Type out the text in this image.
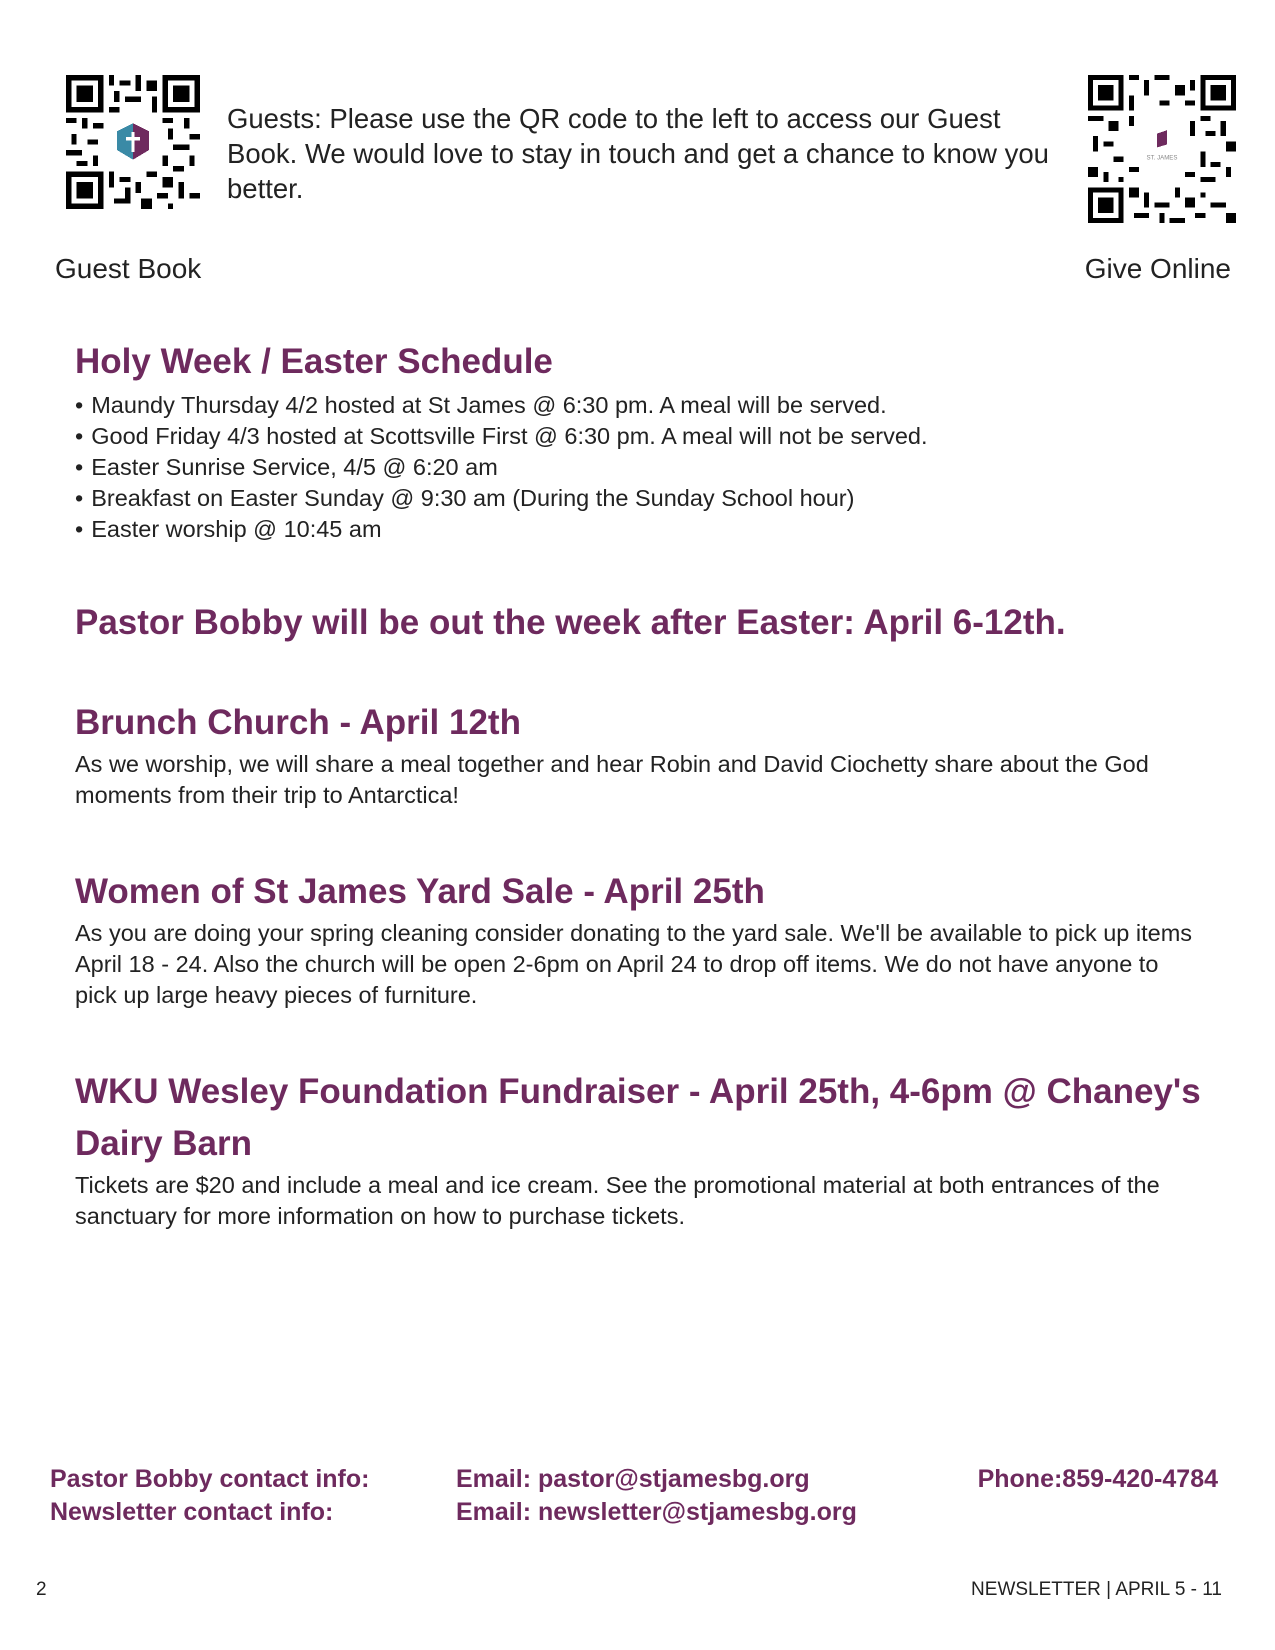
Guests: Please use the QR code to the left to access our Guest Book. We would love to stay in touch and get a chance to know you better.
ST. JAMES
Guest Book	Give Online
Holy Week / Easter Schedule
• Maundy Thursday 4/2 hosted at St James @ 6:30 pm. A meal will be served.
• Good Friday 4/3 hosted at Scottsville First @ 6:30 pm. A meal will not be served.
• Easter Sunrise Service, 4/5 @ 6:20 am
• Breakfast on Easter Sunday @ 9:30 am (During the Sunday School hour)
• Easter worship @ 10:45 am
Pastor Bobby will be out the week after Easter: April 6-12th.
Brunch Church - April 12th

As we worship, we will share a meal together and hear Robin and David Ciochetty share about the God moments from their trip to Antarctica!

Women of St James Yard Sale - April 25th

As you are doing your spring cleaning consider donating to the yard sale. We'll be available to pick up items April 18 - 24. Also the church will be open 2-6pm on April 24 to drop off items. We do not have anyone to pick up large heavy pieces of furniture.

WKU Wesley Foundation Fundraiser - April 25th, 4-6pm @ Chaney's Dairy Barn

Tickets are $20 and include a meal and ice cream. See the promotional material at both entrances of the sanctuary for more information on how to purchase tickets.

Pastor Bobby contact info:
Newsletter contact info:
Email: pastor@stjamesbg.org
Email: newsletter@stjamesbg.org
Phone:859-420-4784
2	NEWSLETTER | APRIL 5 - 11
